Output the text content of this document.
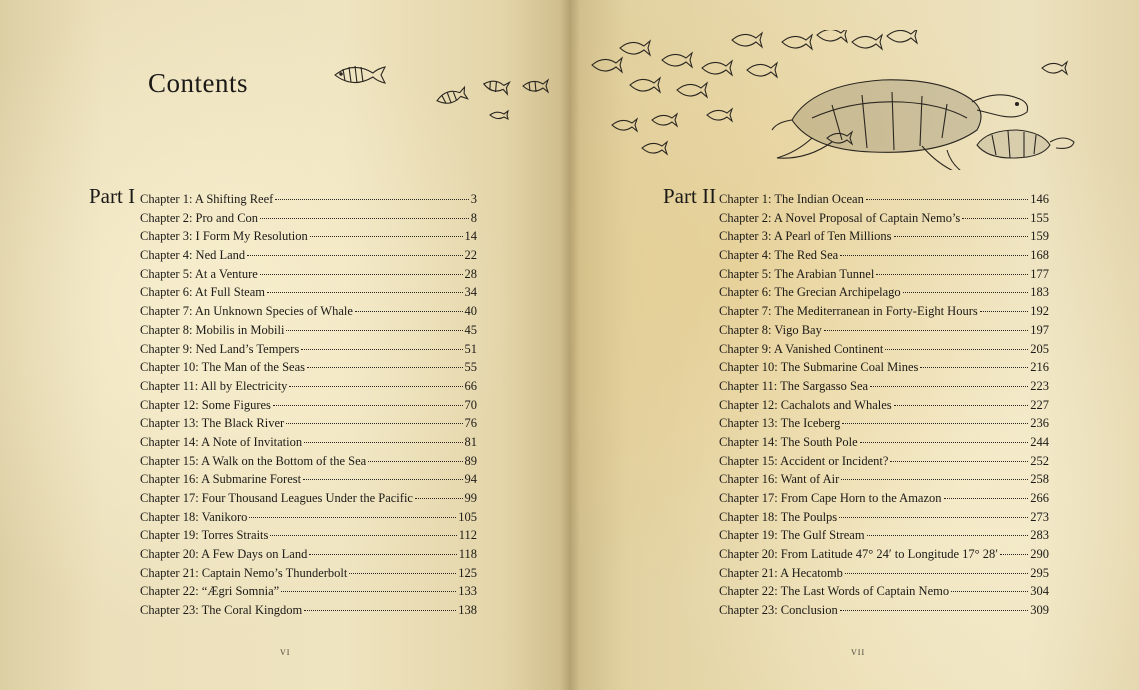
Contents
Part I Chapter 1: A Shifting Reef	3
Chapter 2: Pro and Con	8
Chapter 3: I Form My Resolution	14
Chapter 4: Ned Land	22
Chapter 5: At a Venture	28
Chapter 6: At Full Steam	34
Chapter 7: An Unknown Species of Whale	40
Chapter 8: Mobilis in Mobili	45
Chapter 9: Ned Land’s Tempers	51
Chapter 10: The Man of the Seas	55
Chapter 11: All by Electricity	66
Chapter 12: Some Figures	70
Chapter 13: The Black River	76
Chapter 14: A Note of Invitation	81
Chapter 15: A Walk on the Bottom of the Sea	89
Chapter 16: A Submarine Forest	94
Chapter 17: Four Thousand Leagues Under the Pacific	99
Chapter 18: Vanikoro	105
Chapter 19: Torres Straits	112
Chapter 20: A Few Days on Land	118
Chapter 21: Captain Nemo’s Thunderbolt	125
Chapter 22: “Ægri Somnia”	133
Chapter 23: The Coral Kingdom	138

VI

Part II Chapter 1: The Indian Ocean	146
Chapter 2: A Novel Proposal of Captain Nemo’s	155
Chapter 3: A Pearl of Ten Millions	159
Chapter 4: The Red Sea	168
Chapter 5: The Arabian Tunnel	177
Chapter 6: The Grecian Archipelago	183
Chapter 7: The Mediterranean in Forty-Eight Hours	192
Chapter 8: Vigo Bay	197
Chapter 9: A Vanished Continent	205
Chapter 10: The Submarine Coal Mines	216
Chapter 11: The Sargasso Sea	223
Chapter 12: Cachalots and Whales	227
Chapter 13: The Iceberg	236
Chapter 14: The South Pole	244
Chapter 15: Accident or Incident?	252
Chapter 16: Want of Air	258
Chapter 17: From Cape Horn to the Amazon	266
Chapter 18: The Poulps	273
Chapter 19: The Gulf Stream	283
Chapter 20: From Latitude 47° 24′ to Longitude 17° 28′	290
Chapter 21: A Hecatomb	295
Chapter 22: The Last Words of Captain Nemo	304
Chapter 23: Conclusion	309

VII
